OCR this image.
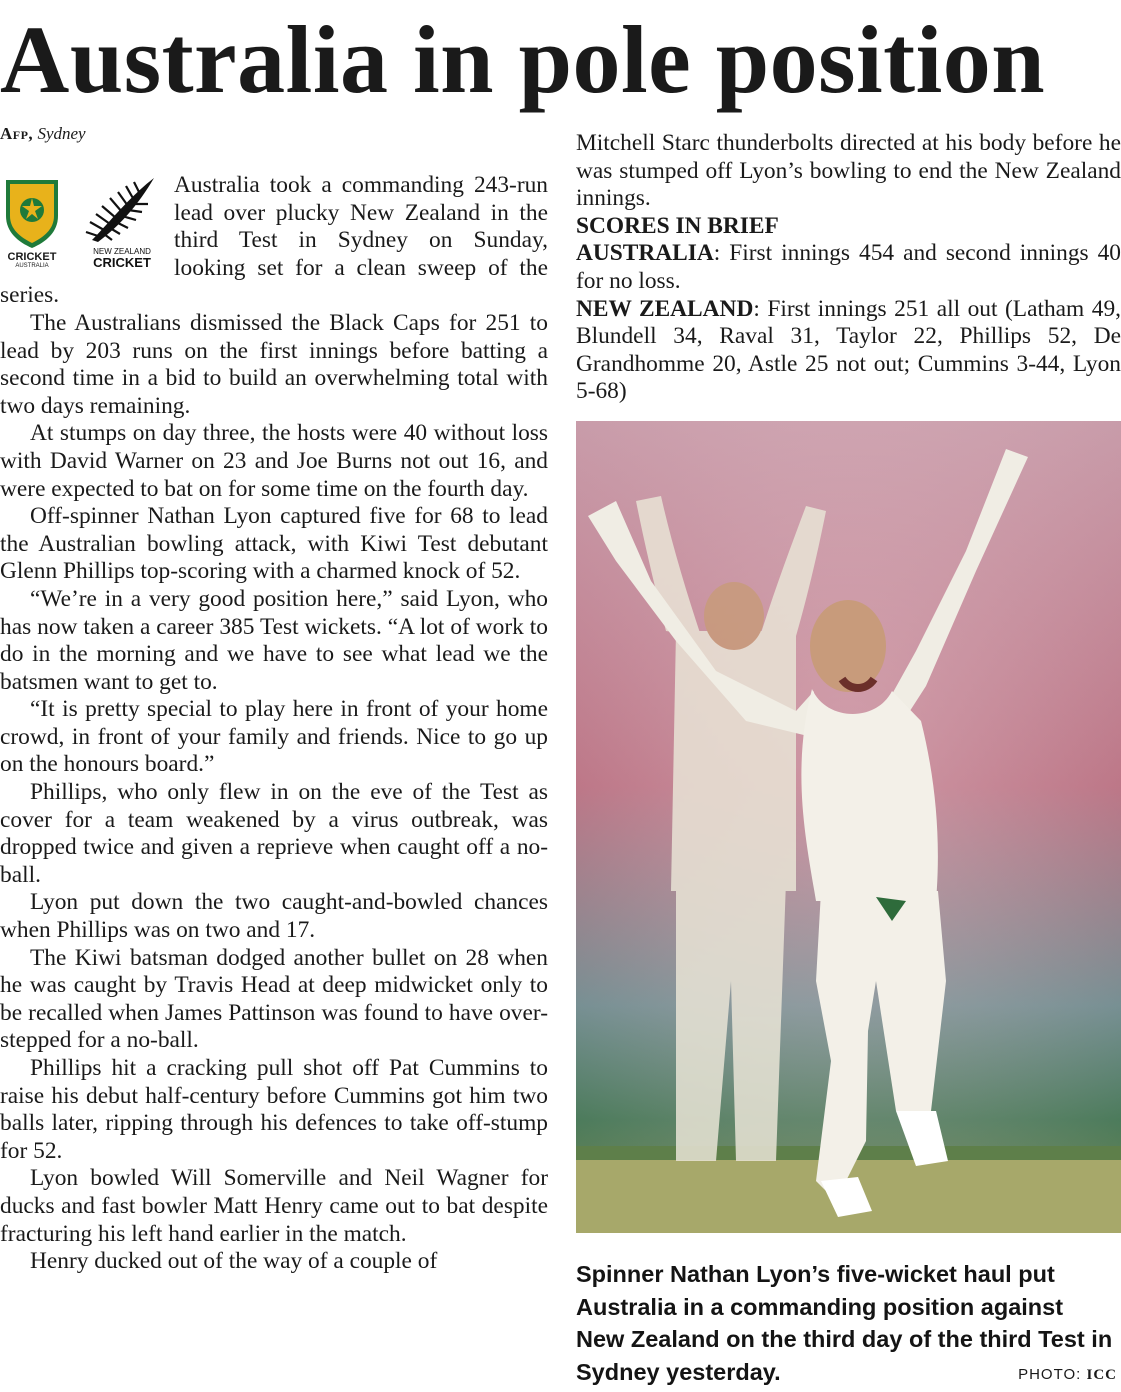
Australia in pole position
Afp, Sydney
CRICKET
AUSTRALIA
NEW ZEALAND
CRICKET

Australia took a commanding 243-run lead over plucky New Zealand in the third Test in Sydney on Sunday, looking set for a clean sweep of the series.

The Australians dismissed the Black Caps for 251 to lead by 203 runs on the first innings before batting a second time in a bid to build an overwhelming total with two days remaining.

At stumps on day three, the hosts were 40 without loss with David Warner on 23 and Joe Burns not out 16, and were expected to bat on for some time on the fourth day.

Off-spinner Nathan Lyon captured five for 68 to lead the Australian bowling attack, with Kiwi Test debutant Glenn Phillips top-scoring with a charmed knock of 52.

“We’re in a very good position here,” said Lyon, who has now taken a career 385 Test wickets. “A lot of work to do in the morning and we have to see what lead we the batsmen want to get to.

“It is pretty special to play here in front of your home crowd, in front of your family and friends. Nice to go up on the honours board.”

Phillips, who only flew in on the eve of the Test as cover for a team weakened by a virus outbreak, was dropped twice and given a reprieve when caught off a no-ball.

Lyon put down the two caught-and-bowled chances when Phillips was on two and 17.

The Kiwi batsman dodged another bullet on 28 when he was caught by Travis Head at deep midwicket only to be recalled when James Pattinson was found to have over-stepped for a no-ball.

Phillips hit a cracking pull shot off Pat Cummins to raise his debut half-century before Cummins got him two balls later, ripping through his defences to take off-stump for 52.

Lyon bowled Will Somerville and Neil Wagner for ducks and fast bowler Matt Henry came out to bat despite fracturing his left hand earlier in the match.

Henry ducked out of the way of a couple of

Mitchell Starc thunderbolts directed at his body before he was stumped off Lyon’s bowling to end the New Zealand innings.

SCORES IN BRIEF

AUSTRALIA: First innings 454 and second innings 40 for no loss.

NEW ZEALAND: First innings 251 all out (Latham 49, Blundell 34, Raval 31, Taylor 22, Phillips 52, De Grandhomme 20, Astle 25 not out; Cummins 3-44, Lyon 5-68)

Spinner Nathan Lyon’s five-wicket haul put Australia in a commanding position against New Zealand on the third day of the third Test in Sydney yesterday.	PHOTO: ICC
